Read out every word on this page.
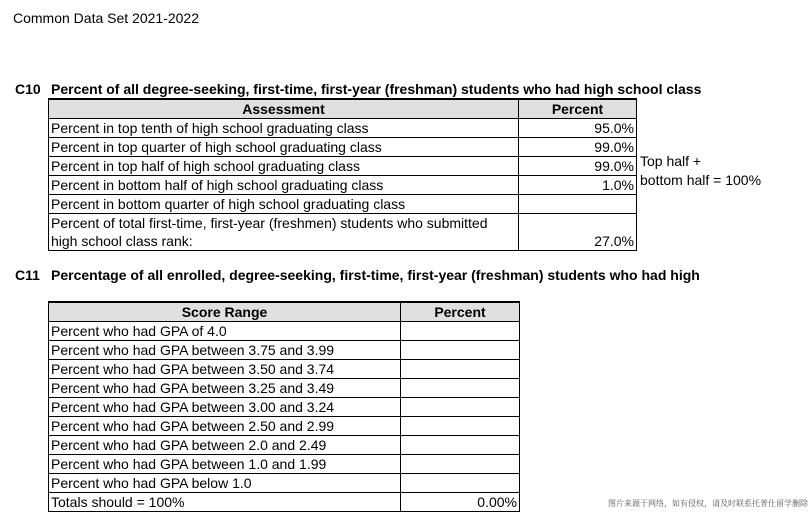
Common Data Set 2021-2022
C10 Percent of all degree-seeking, first-time, first-year (freshman) students who had high school class
Assessment	Percent
Percent in top tenth of high school graduating class	95.0%
Percent in top quarter of high school graduating class	99.0%
Percent in top half of high school graduating class	99.0%
Percent in bottom half of high school graduating class	1.0%
Percent in bottom quarter of high school graduating class	
Percent of total first-time, first-year (freshmen) students who submitted high school class rank:	27.0%
Top half +
bottom half = 100%
C11 Percentage of all enrolled, degree-seeking, first-time, first-year (freshman) students who had high
Score Range	Percent
Percent who had GPA of 4.0	
Percent who had GPA between 3.75 and 3.99	
Percent who had GPA between 3.50 and 3.74	
Percent who had GPA between 3.25 and 3.49	
Percent who had GPA between 3.00 and 3.24	
Percent who had GPA between 2.50 and 2.99	
Percent who had GPA between 2.0 and 2.49	
Percent who had GPA between 1.0 and 1.99	
Percent who had GPA below 1.0	
Totals should = 100%	0.00%	图片来源于网络，如有侵权，请及时联系托普仕留学删除
